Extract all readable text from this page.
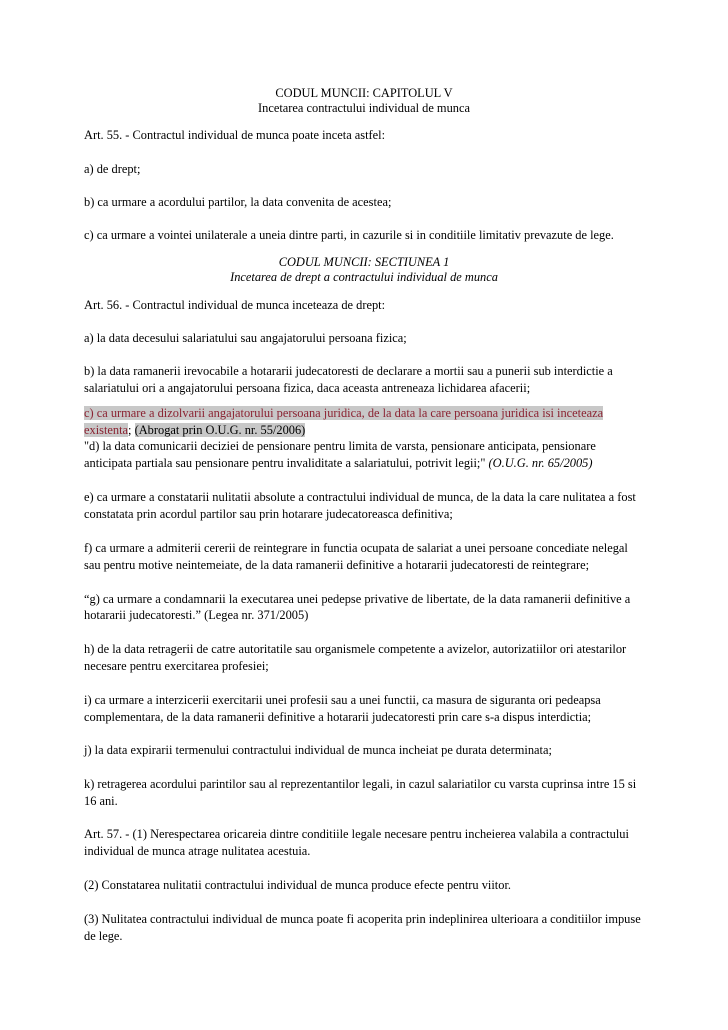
CODUL MUNCII: CAPITOLUL V
Incetarea contractului individual de munca
Art. 55. - Contractul individual de munca poate inceta astfel:
a) de drept;
b) ca urmare a acordului partilor, la data convenita de acestea;
c) ca urmare a vointei unilaterale a uneia dintre parti, in cazurile si in conditiile limitativ prevazute de lege.
CODUL MUNCII: SECTIUNEA 1
Incetarea de drept a contractului individual de munca
Art. 56. - Contractul individual de munca inceteaza de drept:
a) la data decesului salariatului sau angajatorului persoana fizica;
b) la data ramanerii irevocabile a hotararii judecatoresti de declarare a mortii sau a punerii sub interdictie a
salariatului ori a angajatorului persoana fizica, daca aceasta antreneaza lichidarea afacerii;
c) ca urmare a dizolvarii angajatorului persoana juridica, de la data la care persoana juridica isi inceteaza
existenta; (Abrogat prin O.U.G. nr. 55/2006)
"d) la data comunicarii deciziei de pensionare pentru limita de varsta, pensionare anticipata, pensionare
anticipata partiala sau pensionare pentru invaliditate a salariatului, potrivit legii;" (O.U.G. nr. 65/2005)
e) ca urmare a constatarii nulitatii absolute a contractului individual de munca, de la data la care nulitatea a fost
constatata prin acordul partilor sau prin hotarare judecatoreasca definitiva;
f) ca urmare a admiterii cererii de reintegrare in functia ocupata de salariat a unei persoane concediate nelegal
sau pentru motive neintemeiate, de la data ramanerii definitive a hotararii judecatoresti de reintegrare;
“g) ca urmare a condamnarii la executarea unei pedepse privative de libertate, de la data ramanerii definitive a
hotararii judecatoresti.” (Legea nr. 371/2005)
h) de la data retragerii de catre autoritatile sau organismele competente a avizelor, autorizatiilor ori atestarilor
necesare pentru exercitarea profesiei;
i) ca urmare a interzicerii exercitarii unei profesii sau a unei functii, ca masura de siguranta ori pedeapsa
complementara, de la data ramanerii definitive a hotararii judecatoresti prin care s-a dispus interdictia;
j) la data expirarii termenului contractului individual de munca incheiat pe durata determinata;
k) retragerea acordului parintilor sau al reprezentantilor legali, in cazul salariatilor cu varsta cuprinsa intre 15 si
16 ani.
Art. 57. - (1) Nerespectarea oricareia dintre conditiile legale necesare pentru incheierea valabila a contractului
individual de munca atrage nulitatea acestuia.
(2) Constatarea nulitatii contractului individual de munca produce efecte pentru viitor.
(3) Nulitatea contractului individual de munca poate fi acoperita prin indeplinirea ulterioara a conditiilor impuse
de lege.
